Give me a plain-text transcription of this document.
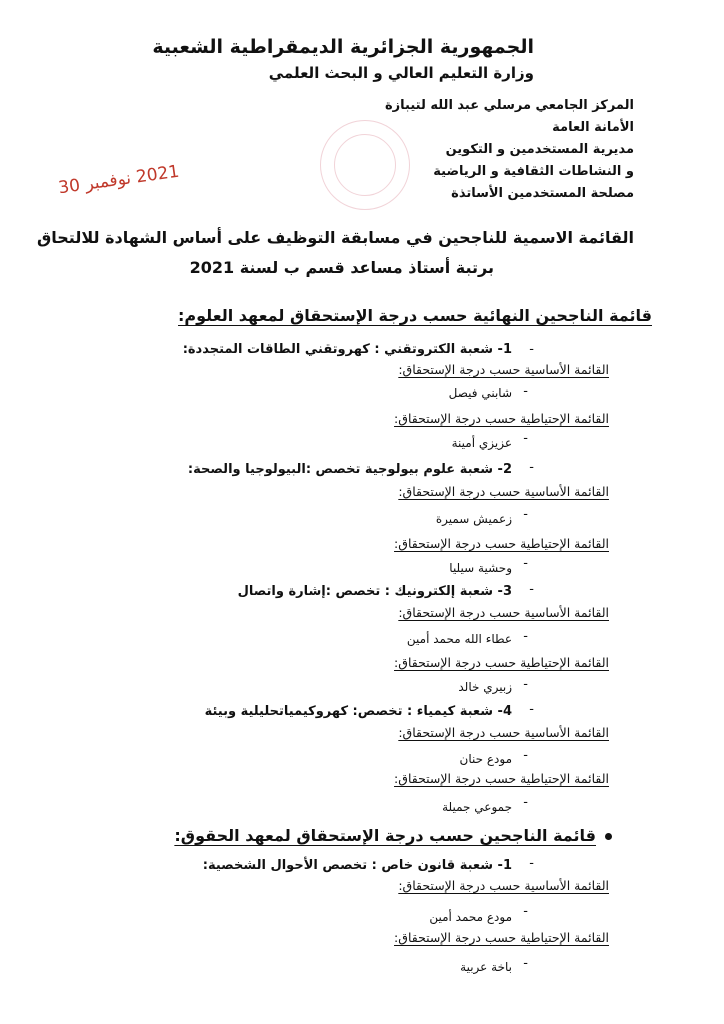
الجمهورية الجزائرية الديمقراطية الشعبية
وزارة التعليم العالي و البحث العلمي
المركز الجامعي مرسلي عبد الله لتيبازة
الأمانة العامة
مديرية المستخدمين و التكوين
و النشاطات الثقافية و الرياضية
مصلحة المستخدمين الأساتذة
2021 نوفمبر 30
القائمة الاسمية للناجحين في مسابقة التوظيف على أساس الشهادة للالتحاق
برتبة أستاذ مساعد قسم ب لسنة 2021
قائمة الناجحين النهائية حسب درجة الإستحقاق لمعهد العلوم:
-
1- شعبة الكتروتقني : كهروتقني الطاقات المتجددة:
القائمة الأساسية حسب درجة الإستحقاق:
-
شابني فيصل
القائمة الإحتياطية حسب درجة الإستحقاق:
-
عزيزي أمينة
-
2- شعبة علوم بيولوجية تخصص :البيولوجيا والصحة:
القائمة الأساسية حسب درجة الإستحقاق:
-
زعميش سميرة
القائمة الإحتياطية حسب درجة الإستحقاق:
-
وحشية سيليا
-
3- شعبة إلكترونيك : تخصص :إشارة واتصال
القائمة الأساسية حسب درجة الإستحقاق:
-
عطاء الله محمد أمين
القائمة الإحتياطية حسب درجة الإستحقاق:
-
زبيري خالد
-
4- شعبة كيمياء : تخصص: كهروكيمياتحليلية وبيئة
القائمة الأساسية حسب درجة الإستحقاق:
-
مودع حنان
القائمة الإحتياطية حسب درجة الإستحقاق:
-
جموعي جميلة
قائمة الناجحين حسب درجة الإستحقاق لمعهد الحقوق:
-
1- شعبة قانون خاص : تخصص الأحوال الشخصية:
القائمة الأساسية حسب درجة الإستحقاق:
-
مودع محمد أمين
القائمة الإحتياطية حسب درجة الإستحقاق:
-
باخة عربية
